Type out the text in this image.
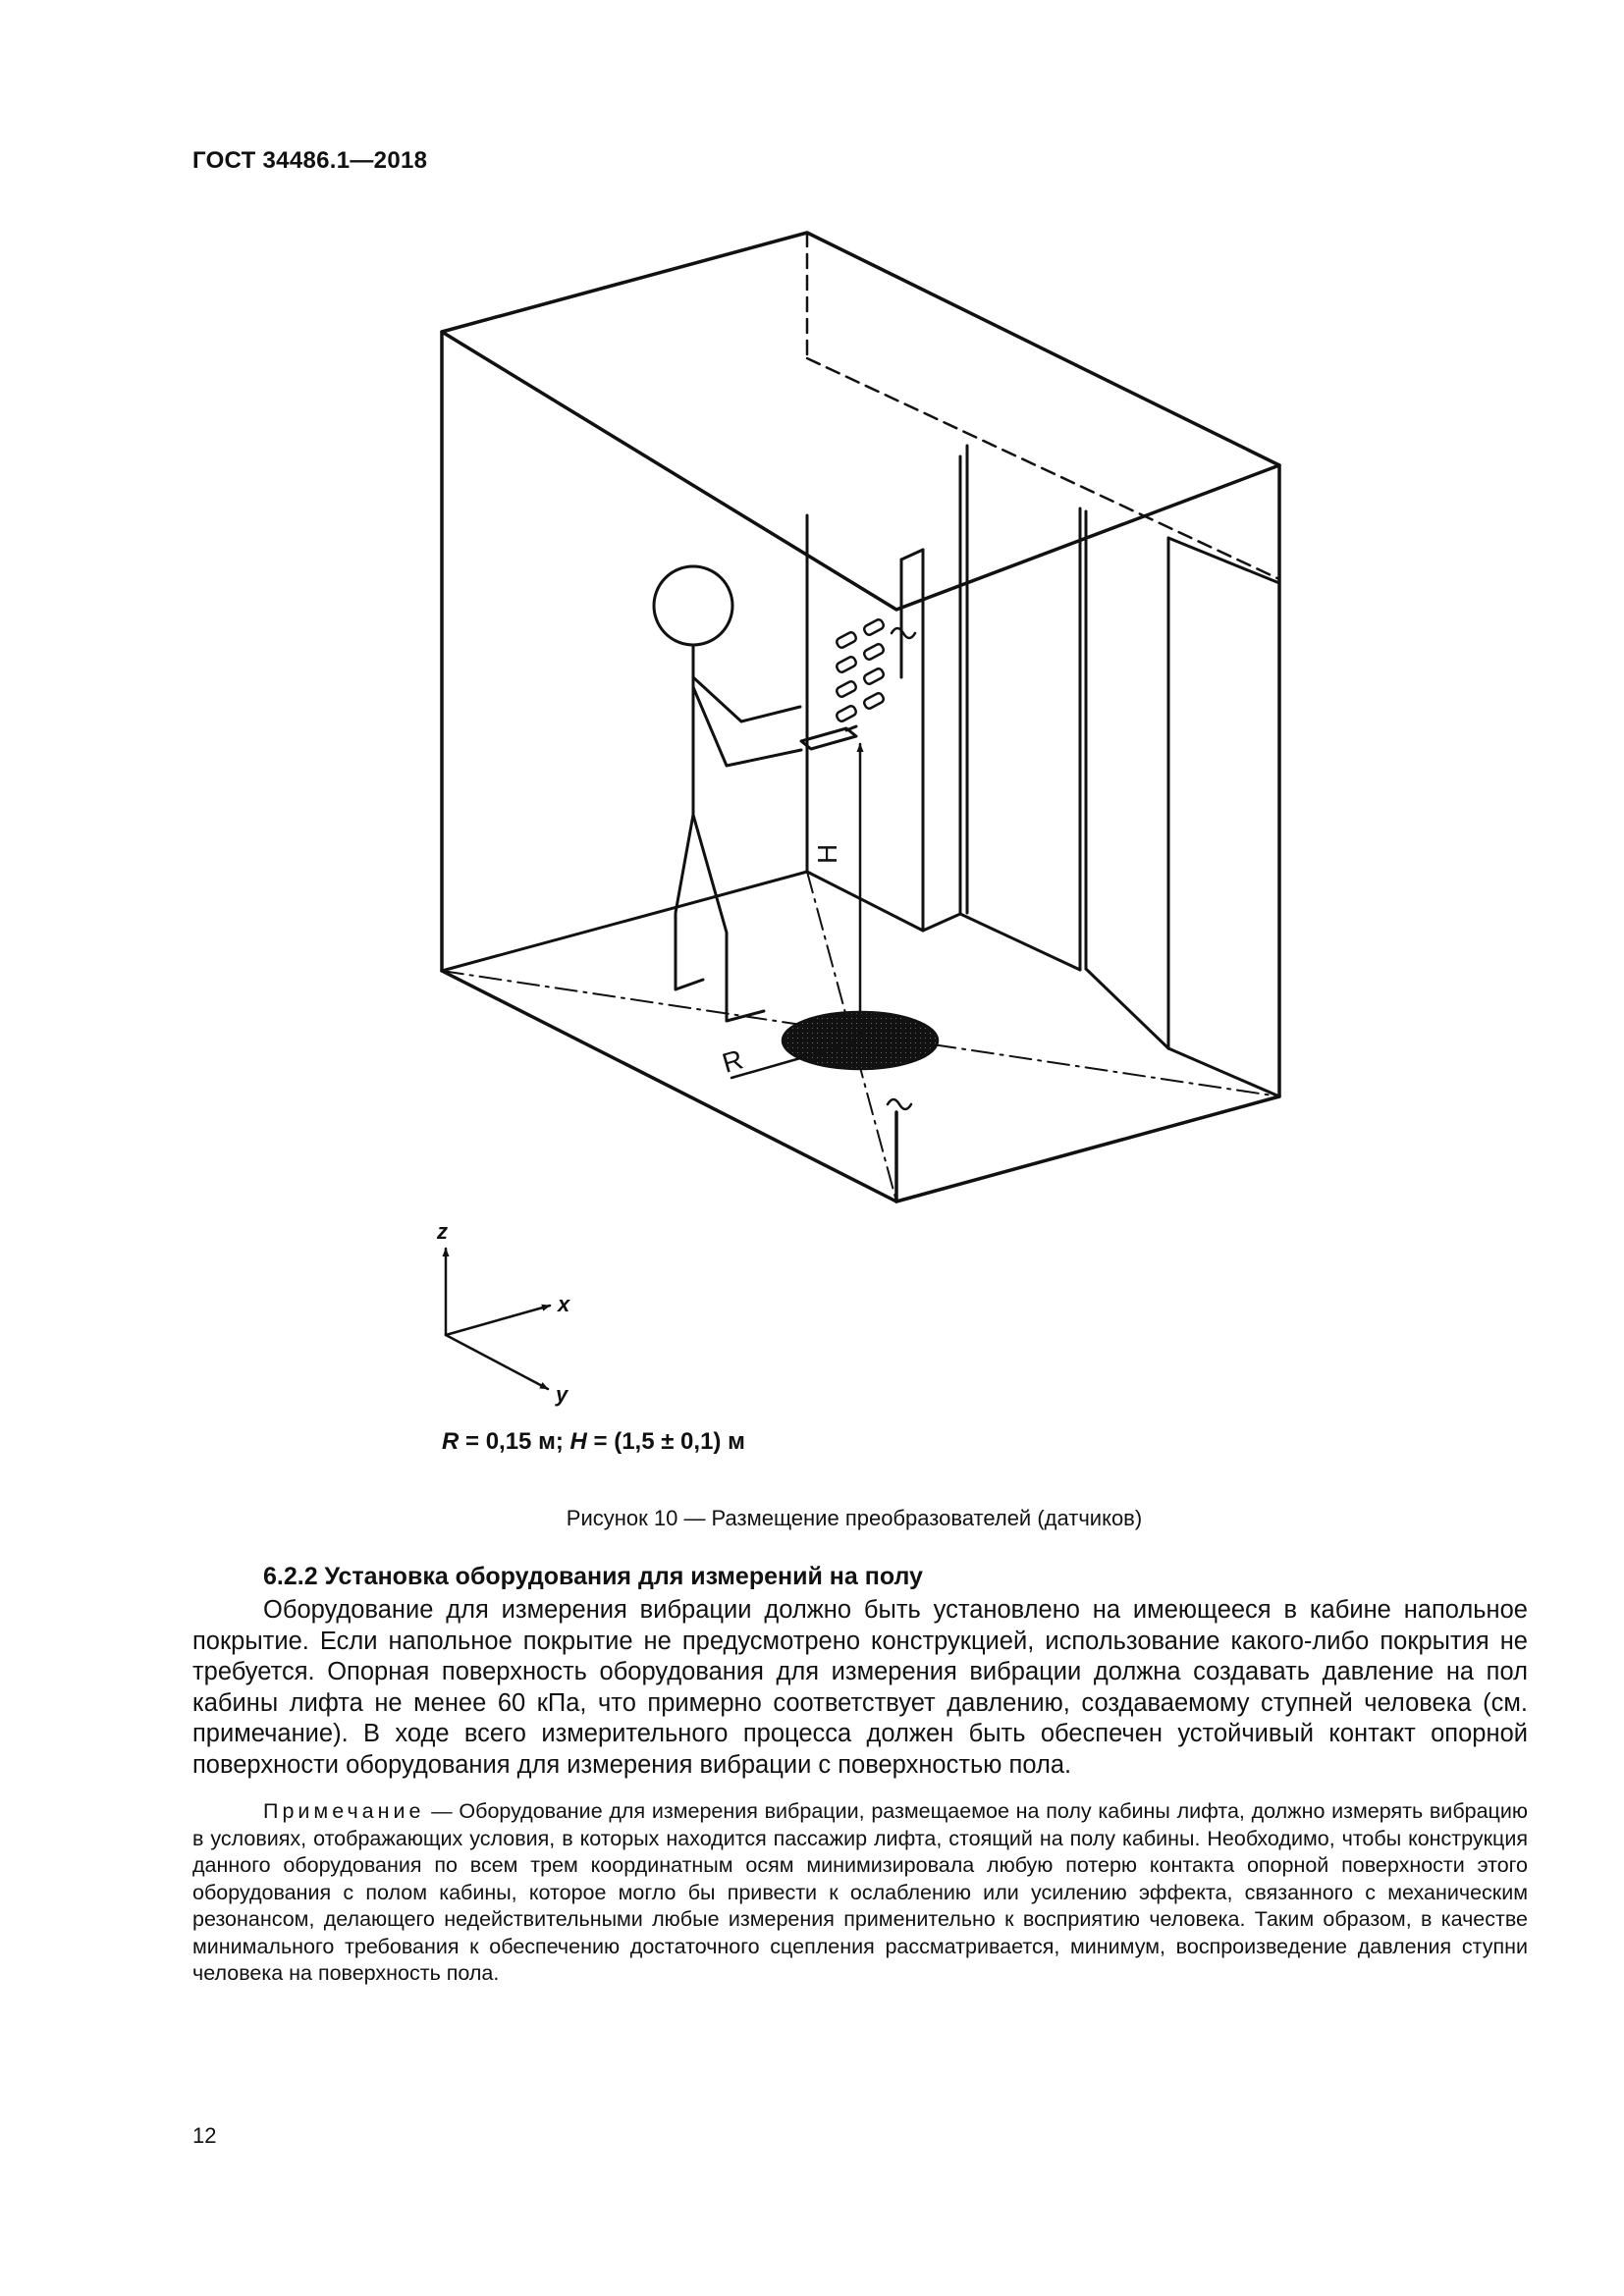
ГОСТ 34486.1—2018
H
R
z
x
y
R = 0,15 м; H = (1,5 ± 0,1) м
Рисунок 10 — Размещение преобразователей (датчиков)
6.2.2 Установка оборудования для измерений на полу

Оборудование для измерения вибрации должно быть установлено на имеющееся в кабине напольное покрытие. Если напольное покрытие не предусмотрено конструкцией, использование какого-либо покрытия не требуется. Опорная поверхность оборудования для измерения вибрации должна создавать давление на пол кабины лифта не менее 60 кПа, что примерно соответствует давлению, создаваемому ступней человека (см. примечание). В ходе всего измерительного процесса должен быть обеспечен устойчивый контакт опорной поверхности оборудования для измерения вибрации с поверхностью пола.

Примечание — Оборудование для измерения вибрации, размещаемое на полу кабины лифта, должно измерять вибрацию в условиях, отображающих условия, в которых находится пассажир лифта, стоящий на полу кабины. Необходимо, чтобы конструкция данного оборудования по всем трем координатным осям минимизировала любую потерю контакта опорной поверхности этого оборудования с полом кабины, которое могло бы привести к ослаблению или усилению эффекта, связанного с механическим резонансом, делающего недействительными любые измерения применительно к восприятию человека. Таким образом, в качестве минимального требования к обеспечению достаточного сцепления рассматривается, минимум, воспроизведение давления ступни человека на поверхность пола.

12
